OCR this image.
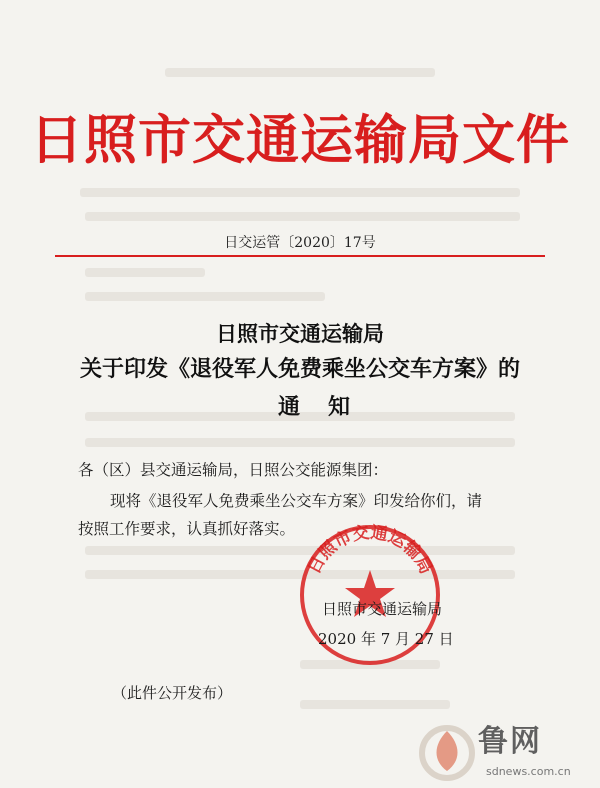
日照市交通运输局文件
日交运管〔2020〕17号
日照市交通运输局
关于印发《退役军人免费乘坐公交车方案》的
通知
各（区）县交通运输局，日照公交能源集团：
现将《退役军人免费乘坐公交车方案》印发给你们，请
按照工作要求，认真抓好落实。
日照市交通运输局
日照市交通运输局
2020 年 7 月 27 日
（此件公开发布）
鲁网
sdnews.com.cn
